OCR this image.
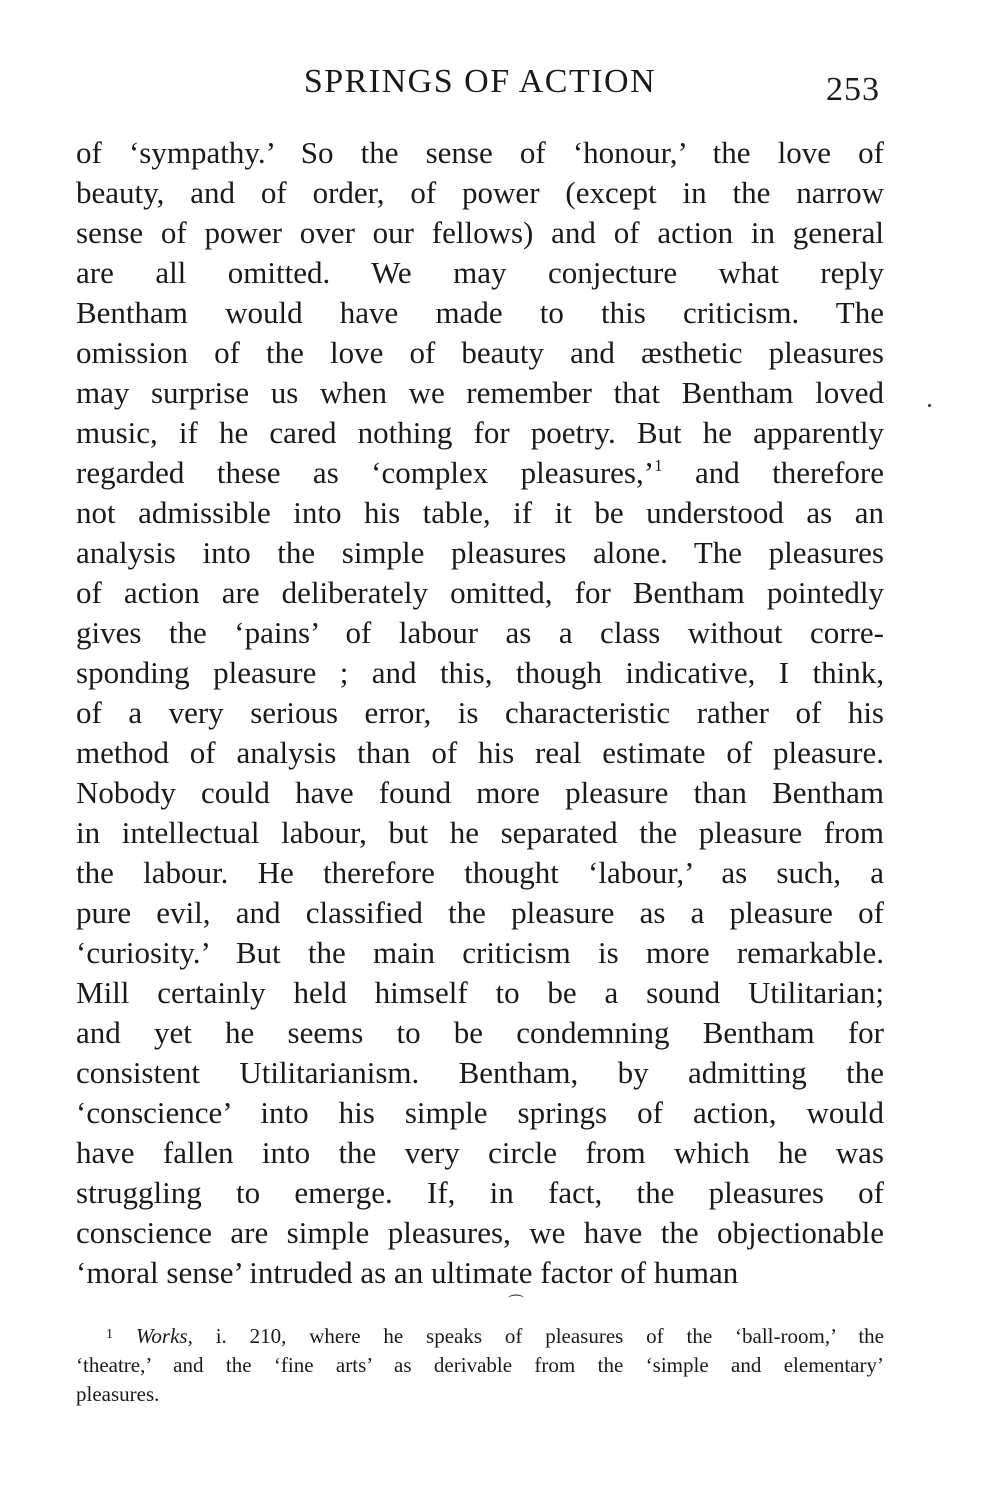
SPRINGS OF ACTION	253
of ‘sympathy.’ So the sense of ‘honour,’ the love of
beauty, and of order, of power (except in the narrow
sense of power over our fellows) and of action in general
are all omitted. We may conjecture what reply
Bentham would have made to this criticism. The
omission of the love of beauty and æsthetic pleasures
may surprise us when we remember that Bentham loved
music, if he cared nothing for poetry. But he apparently
regarded these as ‘complex pleasures,’$^1$ and therefore
not admissible into his table, if it be understood as an
analysis into the simple pleasures alone. The pleasures
of action are deliberately omitted, for Bentham pointedly
gives the ‘pains’ of labour as a class without corre-
sponding pleasure ; and this, though indicative, I think,
of a very serious error, is characteristic rather of his
method of analysis than of his real estimate of pleasure.
Nobody could have found more pleasure than Bentham
in intellectual labour, but he separated the pleasure from
the labour. He therefore thought ‘labour,’ as such, a
pure evil, and classified the pleasure as a pleasure of
‘curiosity.’ But the main criticism is more remarkable.
Mill certainly held himself to be a sound Utilitarian;
and yet he seems to be condemning Bentham for
consistent Utilitarianism. Bentham, by admitting the
‘conscience’ into his simple springs of action, would
have fallen into the very circle from which he was
struggling to emerge. If, in fact, the pleasures of
conscience are simple pleasures, we have the objectionable
‘moral sense’ intruded as an ultimate factor of human
⌒
$^1$ Works, i. 210, where he speaks of pleasures of the ‘ball-room,’ the
‘theatre,’ and the ‘fine arts’ as derivable from the ‘simple and elementary’
pleasures.
